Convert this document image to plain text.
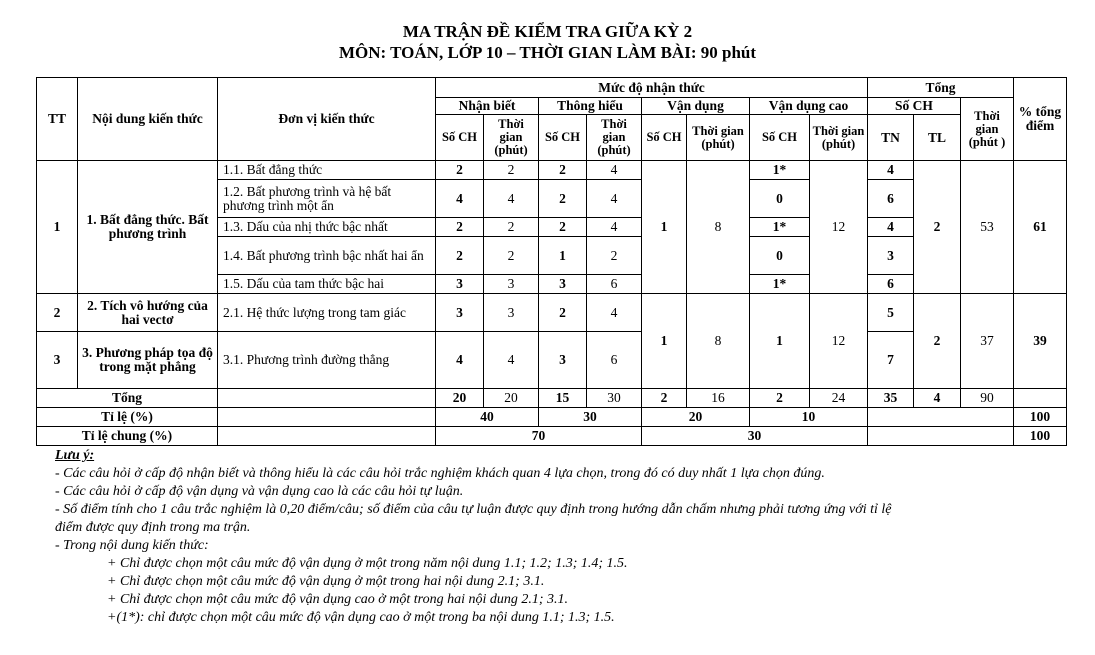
MA TRẬN ĐỀ KIỂM TRA GIỮA KỲ 2
MÔN: TOÁN, LỚP 10 – THỜI GIAN LÀM BÀI: 90 phút
TT	Nội dung kiến thức	Đơn vị kiến thức	Mức độ nhận thức								Tổng			% tổng điểm
			Nhận biết		Thông hiểu		Vận dụng		Vận dụng cao		Số CH		Thời gian (phút )	
			Số CH	Thời gian (phút)	Số CH	Thời gian (phút)	Số CH	Thời gian (phút)	Số CH	Thời gian (phút)	TN	TL		
1	1. Bất đẳng thức. Bất phương trình	1.1. Bất đẳng thức	2	2	2	4	1	8	1*	12	4	2	53	61
		1.2. Bất phương trình và hệ bất phương trình một ẩn	4	4	2	4			0		6			
		1.3. Dấu của nhị thức bậc nhất	2	2	2	4			1*		4			
		1.4. Bất phương trình bậc nhất hai ẩn	2	2	1	2			0		3			
		1.5. Dấu của tam thức bậc hai	3	3	3	6			1*		6			
2	2. Tích vô hướng của hai vectơ	2.1. Hệ thức lượng trong tam giác	3	3	2	4	1	8	1	12	5	2	37	39
3	3. Phương pháp tọa độ trong mặt phẳng	3.1. Phương trình đường thẳng	4	4	3	6					7			
Tổng			20	20	15	30	2	16	2	24	35	4	90	
Tỉ lệ (%)			40		30		20		10					100
Tỉ lệ chung (%)			70				30							100
Lưu ý:
- Các câu hỏi ở cấp độ nhận biết và thông hiểu là các câu hỏi trắc nghiệm khách quan 4 lựa chọn, trong đó có duy nhất 1 lựa chọn đúng.
- Các câu hỏi ở cấp độ vận dụng và vận dụng cao là các câu hỏi tự luận.
- Số điểm tính cho 1 câu trắc nghiệm là 0,20 điểm/câu; số điểm của câu tự luận được quy định trong hướng dẫn chấm nhưng phải tương ứng với tỉ lệ
điểm được quy định trong ma trận.
- Trong nội dung kiến thức:
+ Chỉ được chọn một câu mức độ vận dụng ở một trong năm nội dung 1.1; 1.2; 1.3; 1.4; 1.5.
+ Chỉ được chọn một câu mức độ vận dụng ở một trong hai nội dung 2.1; 3.1.
+ Chỉ được chọn một câu mức độ vận dụng cao ở một trong hai nội dung 2.1; 3.1.
+(1*): chỉ được chọn một câu mức độ vận dụng cao ở một trong ba nội dung 1.1; 1.3; 1.5.
